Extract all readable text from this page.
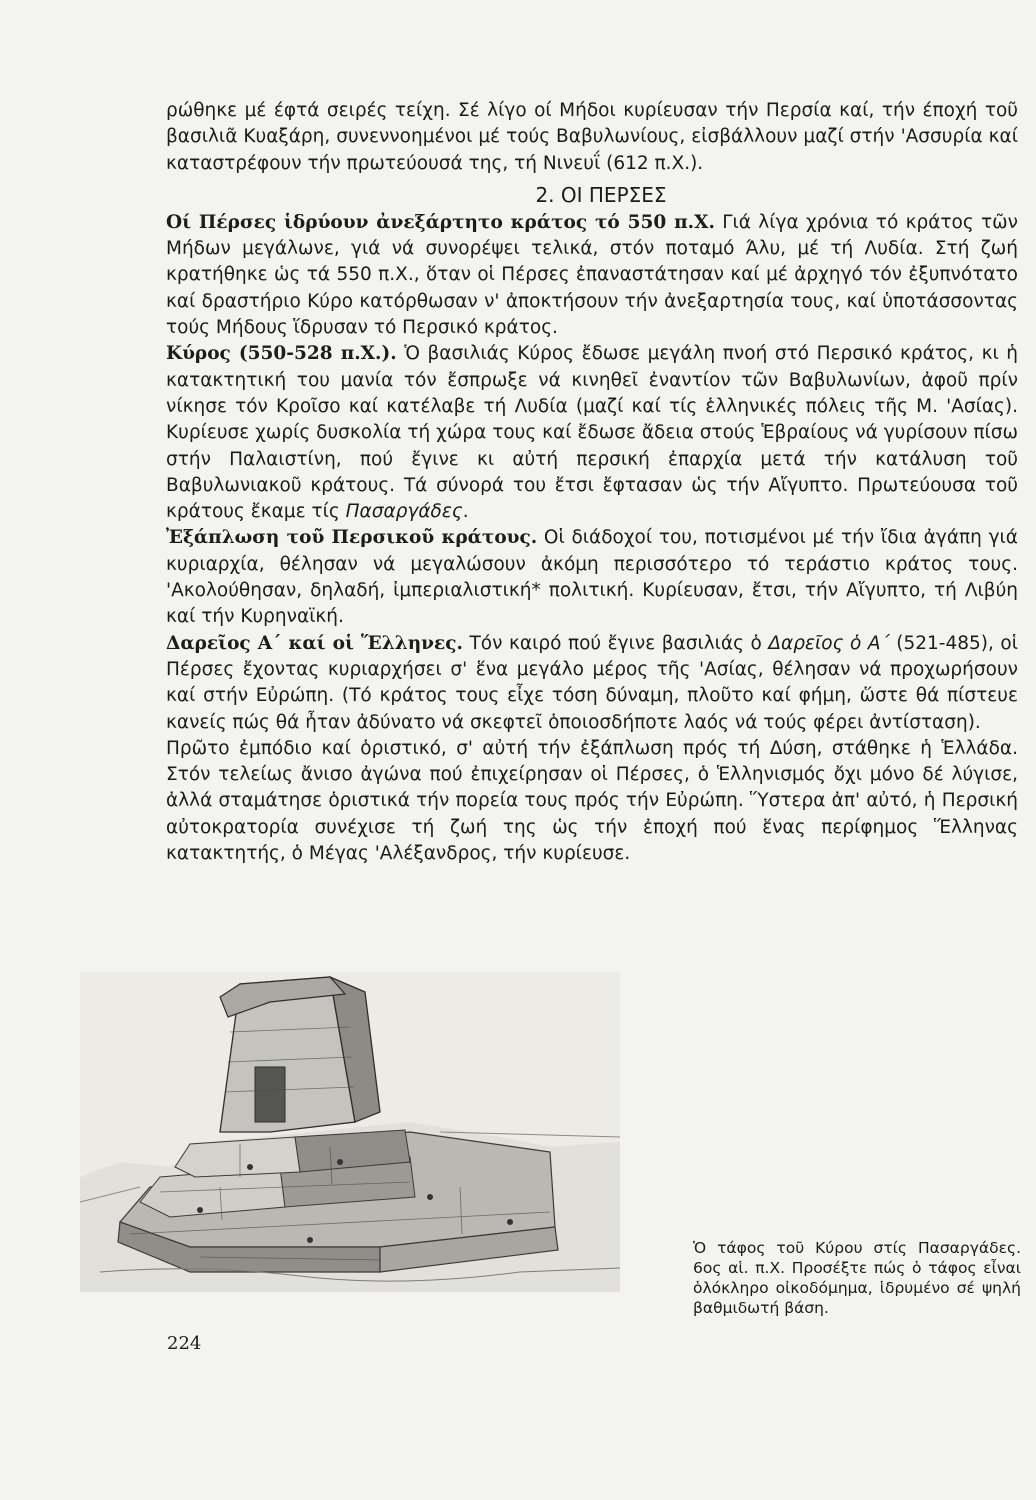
ρώθηκε μέ έφτά σειρές τείχη. Σέ λίγο οί Μήδοι κυρίευσαν τήν Περσία καί, τήν έποχή τοῦ βασιλιᾶ Κυαξάρη, συνεννοημένοι μέ τούς Βαβυλωνίους, εἰσβάλλουν μαζί στήν 'Ασσυρία καί καταστρέφουν τήν πρωτεύουσά της, τή Νινευΐ (612 π.Χ.).

2. ΟΙ ΠΕΡΣΕΣ

Οί Πέρσες ἱδρύουν ἀνεξάρτητο κράτος τό 550 π.Χ. Γιά λίγα χρόνια τό κράτος τῶν Μήδων μεγάλωνε, γιά νά συνορέψει τελικά, στόν ποταμό Άλυ, μέ τή Λυδία. Στή ζωή κρατήθηκε ὡς τά 550 π.Χ., ὅταν οἱ Πέρσες ἐπαναστάτησαν καί μέ ἀρχηγό τόν ἐξυπνότατο καί δραστήριο Κύρο κατόρθωσαν ν' ἀποκτήσουν τήν ἀνεξαρτησία τους, καί ὑποτάσσοντας τούς Μήδους ἵδρυσαν τό Περσικό κράτος.

Κύρος (550-528 π.Χ.). Ὁ βασιλιάς Κύρος ἔδωσε μεγάλη πνοή στό Περσικό κράτος, κι ἡ κατακτητική του μανία τόν ἔσπρωξε νά κινηθεῖ ἐναντίον τῶν Βαβυλωνίων, ἀφοῦ πρίν νίκησε τόν Κροῖσο καί κατέλαβε τή Λυδία (μαζί καί τίς ἑλληνικές πόλεις τῆς Μ. 'Ασίας). Κυρίευσε χωρίς δυσκολία τή χώρα τους καί ἔδωσε ἄδεια στούς Ἑβραίους νά γυρίσουν πίσω στήν Παλαιστίνη, πού ἔγινε κι αὐτή περσική ἐπαρχία μετά τήν κατάλυση τοῦ Βαβυλωνιακοῦ κράτους. Τά σύνορά του ἔτσι ἔφτασαν ὡς τήν Αἴγυπτο. Πρωτεύουσα τοῦ κράτους ἔκαμε τίς Πασαργάδες.

Ἐξάπλωση τοῦ Περσικοῦ κράτους. Οἱ διάδοχοί του, ποτισμένοι μέ τήν ἴδια ἀγάπη γιά κυριαρχία, θέλησαν νά μεγαλώσουν ἀκόμη περισσότερο τό τεράστιο κράτος τους. 'Ακολούθησαν, δηλαδή, ἰμπεριαλιστική* πολιτική. Κυρίευσαν, ἔτσι, τήν Αἴγυπτο, τή Λιβύη καί τήν Κυρηναϊκή.

Δαρεῖος Α΄ καί οἱ Ἕλληνες. Τόν καιρό πού ἔγινε βασιλιάς ὁ Δαρεῖος ὁ Α΄ (521-485), οἱ Πέρσες ἔχοντας κυριαρχήσει σ' ἕνα μεγάλο μέρος τῆς 'Ασίας, θέλησαν νά προχωρήσουν καί στήν Εὐρώπη. (Τό κράτος τους εἶχε τόση δύναμη, πλοῦτο καί φήμη, ὥστε θά πίστευε κανείς πώς θά ἦταν ἀδύνατο νά σκεφτεῖ ὁποιοσδήποτε λαός νά τούς φέρει ἀντίσταση).

Πρῶτο ἐμπόδιο καί ὁριστικό, σ' αὐτή τήν ἐξάπλωση πρός τή Δύση, στάθηκε ἡ Ἑλλάδα. Στόν τελείως ἄνισο ἀγώνα πού ἐπιχείρησαν οἱ Πέρσες, ὁ Ἑλληνισμός ὄχι μόνο δέ λύγισε, ἀλλά σταμάτησε ὁριστικά τήν πορεία τους πρός τήν Εὐρώπη. Ὕστερα ἀπ' αὐτό, ἡ Περσική αὐτοκρατορία συνέχισε τή ζωή της ὡς τήν ἐποχή πού ἕνας περίφημος Ἕλληνας κατακτητής, ὁ Μέγας 'Αλέξανδρος, τήν κυρίευσε.

Ὁ τάφος τοῦ Κύρου στίς Πασαργάδες. 6ος αἱ. π.Χ. Προσέξτε πώς ὁ τάφος εἶναι ὁλόκληρο οἰκοδόμημα, ἱδρυμένο σέ ψηλή βαθμιδωτή βάση.
224
